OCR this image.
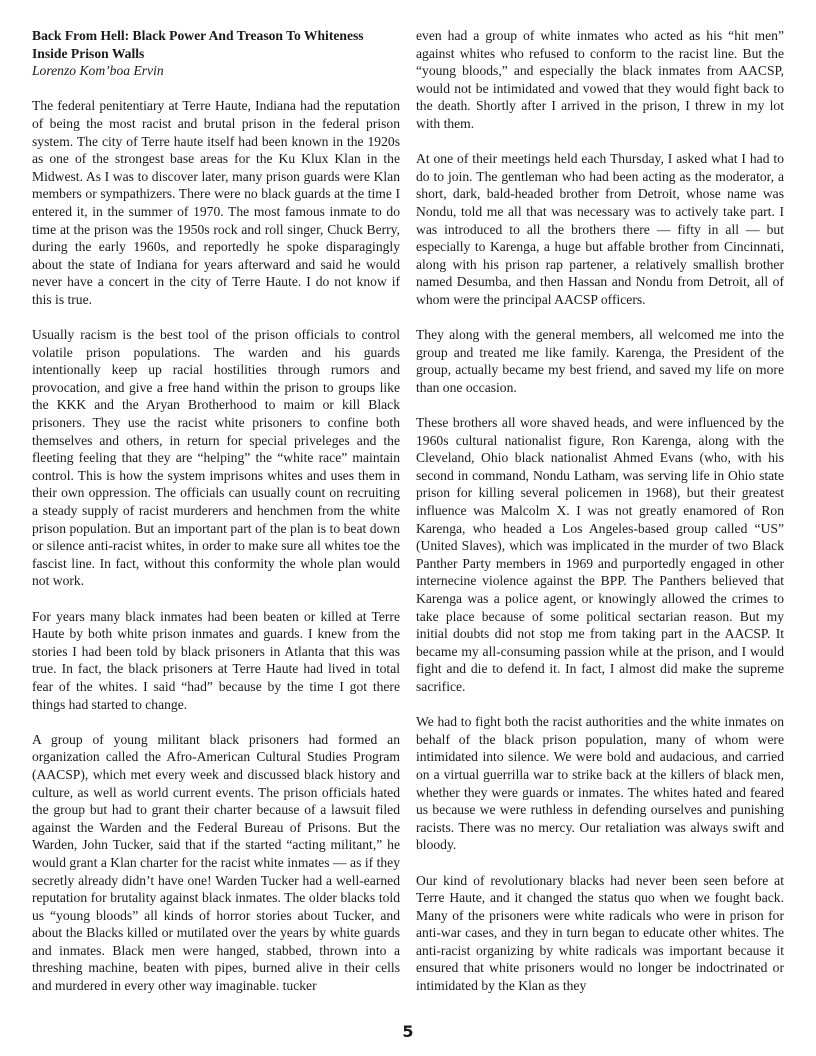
Back From Hell: Black Power And Treason To Whiteness Inside Prison Walls
Lorenzo Kom’boa Ervin

The federal penitentiary at Terre Haute, Indiana had the reputation of being the most racist and brutal prison in the federal prison system. The city of Terre haute itself had been known in the 1920s as one of the strongest base areas for the Ku Klux Klan in the Midwest. As I was to discover later, many prison guards were Klan members or sympathizers. There were no black guards at the time I entered it, in the summer of 1970. The most famous inmate to do time at the prison was the 1950s rock and roll singer, Chuck Berry, during the early 1960s, and reportedly he spoke disparagingly about the state of Indiana for years afterward and said he would never have a concert in the city of Terre Haute. I do not know if this is true.

Usually racism is the best tool of the prison officials to control volatile prison populations. The warden and his guards intentionally keep up racial hostilities through rumors and provocation, and give a free hand within the prison to groups like the KKK and the Aryan Brotherhood to maim or kill Black prisoners. They use the racist white prisoners to confine both themselves and others, in return for special priveleges and the fleeting feeling that they are “helping” the “white race” maintain control. This is how the system imprisons whites and uses them in their own oppression. The officials can usually count on recruiting a steady supply of racist murderers and henchmen from the white prison population. But an important part of the plan is to beat down or silence anti-racist whites, in order to make sure all whites toe the fascist line. In fact, without this conformity the whole plan would not work.

For years many black inmates had been beaten or killed at Terre Haute by both white prison inmates and guards. I knew from the stories I had been told by black prisoners in Atlanta that this was true. In fact, the black prisoners at Terre Haute had lived in total fear of the whites. I said “had” because by the time I got there things had started to change.

A group of young militant black prisoners had formed an organization called the Afro-American Cultural Studies Program (AACSP), which met every week and discussed black history and culture, as well as world current events. The prison officials hated the group but had to grant their charter because of a lawsuit filed against the Warden and the Federal Bureau of Prisons. But the Warden, John Tucker, said that if the started “acting militant,” he would grant a Klan charter for the racist white inmates — as if they secretly already didn’t have one! Warden Tucker had a well-earned reputation for brutality against black inmates. The older blacks told us “young bloods” all kinds of horror stories about Tucker, and about the Blacks killed or mutilated over the years by white guards and inmates. Black men were hanged, stabbed, thrown into a threshing machine, beaten with pipes, burned alive in their cells and murdered in every other way imaginable. tucker

even had a group of white inmates who acted as his “hit men” against whites who refused to conform to the racist line. But the “young bloods,” and especially the black inmates from AACSP, would not be intimidated and vowed that they would fight back to the death. Shortly after I arrived in the prison, I threw in my lot with them.

At one of their meetings held each Thursday, I asked what I had to do to join. The gentleman who had been acting as the moderator, a short, dark, bald-headed brother from Detroit, whose name was Nondu, told me all that was necessary was to actively take part. I was introduced to all the brothers there — fifty in all — but especially to Karenga, a huge but affable brother from Cincinnati, along with his prison rap partener, a relatively smallish brother named Desumba, and then Hassan and Nondu from Detroit, all of whom were the principal AACSP officers.

They along with the general members, all welcomed me into the group and treated me like family. Karenga, the President of the group, actually became my best friend, and saved my life on more than one occasion.

These brothers all wore shaved heads, and were influenced by the 1960s cultural nationalist figure, Ron Karenga, along with the Cleveland, Ohio black nationalist Ahmed Evans (who, with his second in command, Nondu Latham, was serving life in Ohio state prison for killing several policemen in 1968), but their greatest influence was Malcolm X. I was not greatly enamored of Ron Karenga, who headed a Los Angeles-based group called “US” (United Slaves), which was implicated in the murder of two Black Panther Party members in 1969 and purportedly engaged in other internecine violence against the BPP. The Panthers believed that Karenga was a police agent, or knowingly allowed the crimes to take place because of some political sectarian reason. But my initial doubts did not stop me from taking part in the AACSP. It became my all-consuming passion while at the prison, and I would fight and die to defend it. In fact, I almost did make the supreme sacrifice.

We had to fight both the racist authorities and the white inmates on behalf of the black prison population, many of whom were intimidated into silence. We were bold and audacious, and carried on a virtual guerrilla war to strike back at the killers of black men, whether they were guards or inmates. The whites hated and feared us because we were ruthless in defending ourselves and punishing racists. There was no mercy. Our retaliation was always swift and bloody.

Our kind of revolutionary blacks had never been seen before at Terre Haute, and it changed the status quo when we fought back. Many of the prisoners were white radicals who were in prison for anti-war cases, and they in turn began to educate other whites. The anti-racist organizing by white radicals was important because it ensured that white prisoners would no longer be indoctrinated or intimidated by the Klan as they

5
